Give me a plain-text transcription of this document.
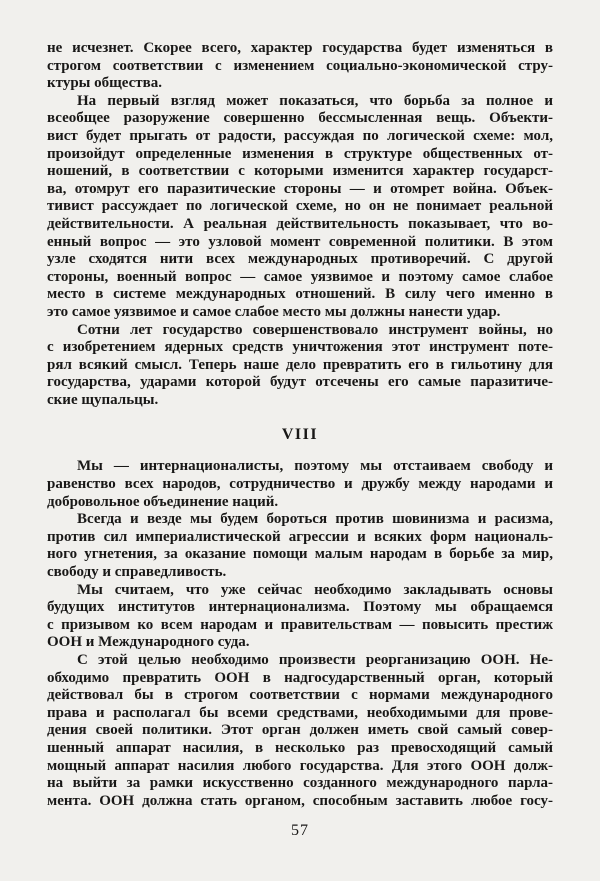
не исчезнет. Скорее всего, характер государства будет изменяться в
строгом соответствии с изменением социально-экономической стру-
ктуры общества.
На первый взгляд может показаться, что борьба за полное и
всеобщее разоружение совершенно бессмысленная вещь. Объекти-
вист будет прыгать от радости, рассуждая по логической схеме: мол,
произойдут определенные изменения в структуре общественных от-
ношений, в соответствии с которыми изменится характер государст-
ва, отомрут его паразитические стороны — и отомрет война. Объек-
тивист рассуждает по логической схеме, но он не понимает реальной
действительности. А реальная действительность показывает, что во-
енный вопрос — это узловой момент современной политики. В этом
узле сходятся нити всех международных противоречий. С другой
стороны, военный вопрос — самое уязвимое и поэтому самое слабое
место в системе международных отношений. В силу чего именно в
это самое уязвимое и самое слабое место мы должны нанести удар.
Сотни лет государство совершенствовало инструмент войны, но
с изобретением ядерных средств уничтожения этот инструмент поте-
рял всякий смысл. Теперь наше дело превратить его в гильотину для
государства, ударами которой будут отсечены его самые паразитиче-
ские щупальцы.
VIII
Мы — интернационалисты, поэтому мы отстаиваем свободу и
равенство всех народов, сотрудничество и дружбу между народами и
добровольное объединение наций.
Всегда и везде мы будем бороться против шовинизма и расизма,
против сил империалистической агрессии и всяких форм националь-
ного угнетения, за оказание помощи малым народам в борьбе за мир,
свободу и справедливость.
Мы считаем, что уже сейчас необходимо закладывать основы
будущих институтов интернационализма. Поэтому мы обращаемся
с призывом ко всем народам и правительствам — повысить престиж
ООН и Международного суда.
С этой целью необходимо произвести реорганизацию ООН. Не-
обходимо превратить ООН в надгосударственный орган, который
действовал бы в строгом соответствии с нормами международного
права и располагал бы всеми средствами, необходимыми для прове-
дения своей политики. Этот орган должен иметь свой самый совер-
шенный аппарат насилия, в несколько раз превосходящий самый
мощный аппарат насилия любого государства. Для этого ООН долж-
на выйти за рамки искусственно созданного международного парла-
мента. ООН должна стать органом, способным заставить любое госу-
57
